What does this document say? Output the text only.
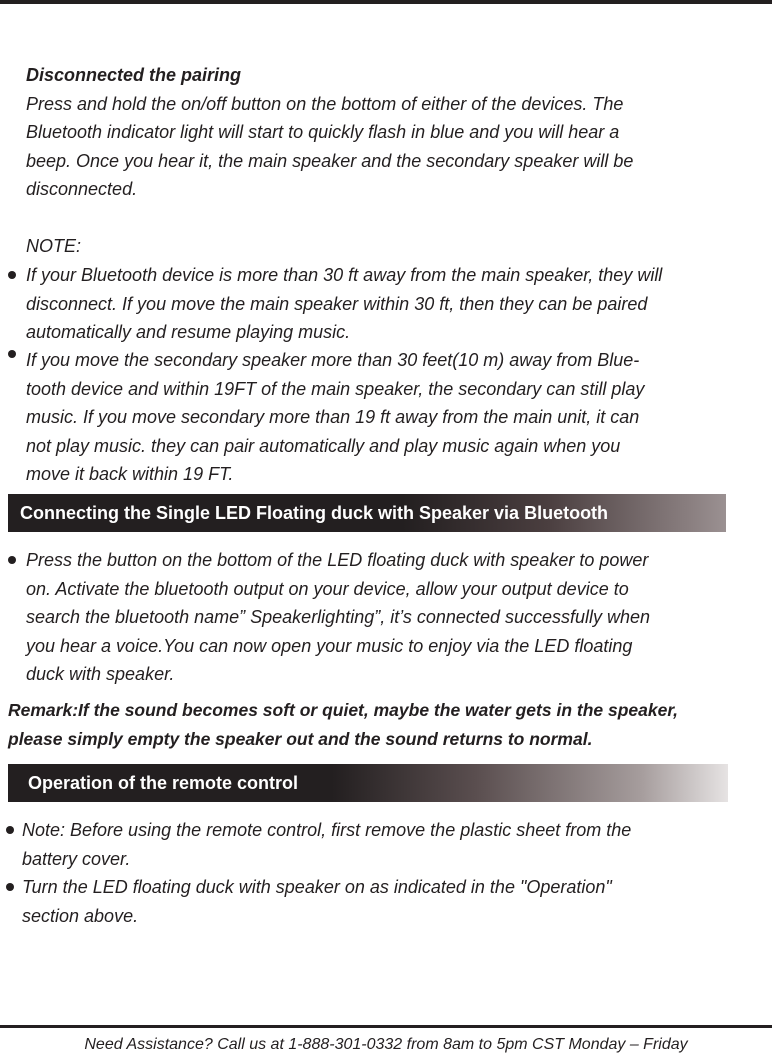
Disconnected the pairing
Press and hold the on/off button on the bottom of either of the devices. The
Bluetooth indicator light will start to quickly flash in blue and you will hear a
beep. Once you hear it, the main speaker and the secondary speaker will be
disconnected.
NOTE:
If your Bluetooth device is more than 30 ft away from the main speaker, they will
disconnect. If you move the main speaker within 30 ft, then they can be paired
automatically and resume playing music.
If you move the secondary speaker more than 30 feet(10 m) away from Blue-
tooth device and within 19FT of the main speaker, the secondary can still play
music. If you move secondary more than 19 ft away from the main unit, it can
not play music. they can pair automatically and play music again when you
move it back within 19 FT.
Connecting the Single LED Floating duck with Speaker via Bluetooth
Press the button on the bottom of the LED floating duck with speaker to power
on. Activate the bluetooth output on your device, allow your output device to
search the bluetooth name” Speakerlighting”, it’s connected successfully when
you hear a voice.You can now open your music to enjoy via the LED floating
duck with speaker.
Remark:If the sound becomes soft or quiet, maybe the water gets in the speaker,
please simply empty the speaker out and the sound returns to normal.
Operation of the remote control
Note: Before using the remote control, first remove the plastic sheet from the
battery cover.
Turn the LED floating duck with speaker on as indicated in the "Operation"
section above.
Need Assistance? Call us at 1-888-301-0332 from 8am to 5pm CST Monday – Friday
